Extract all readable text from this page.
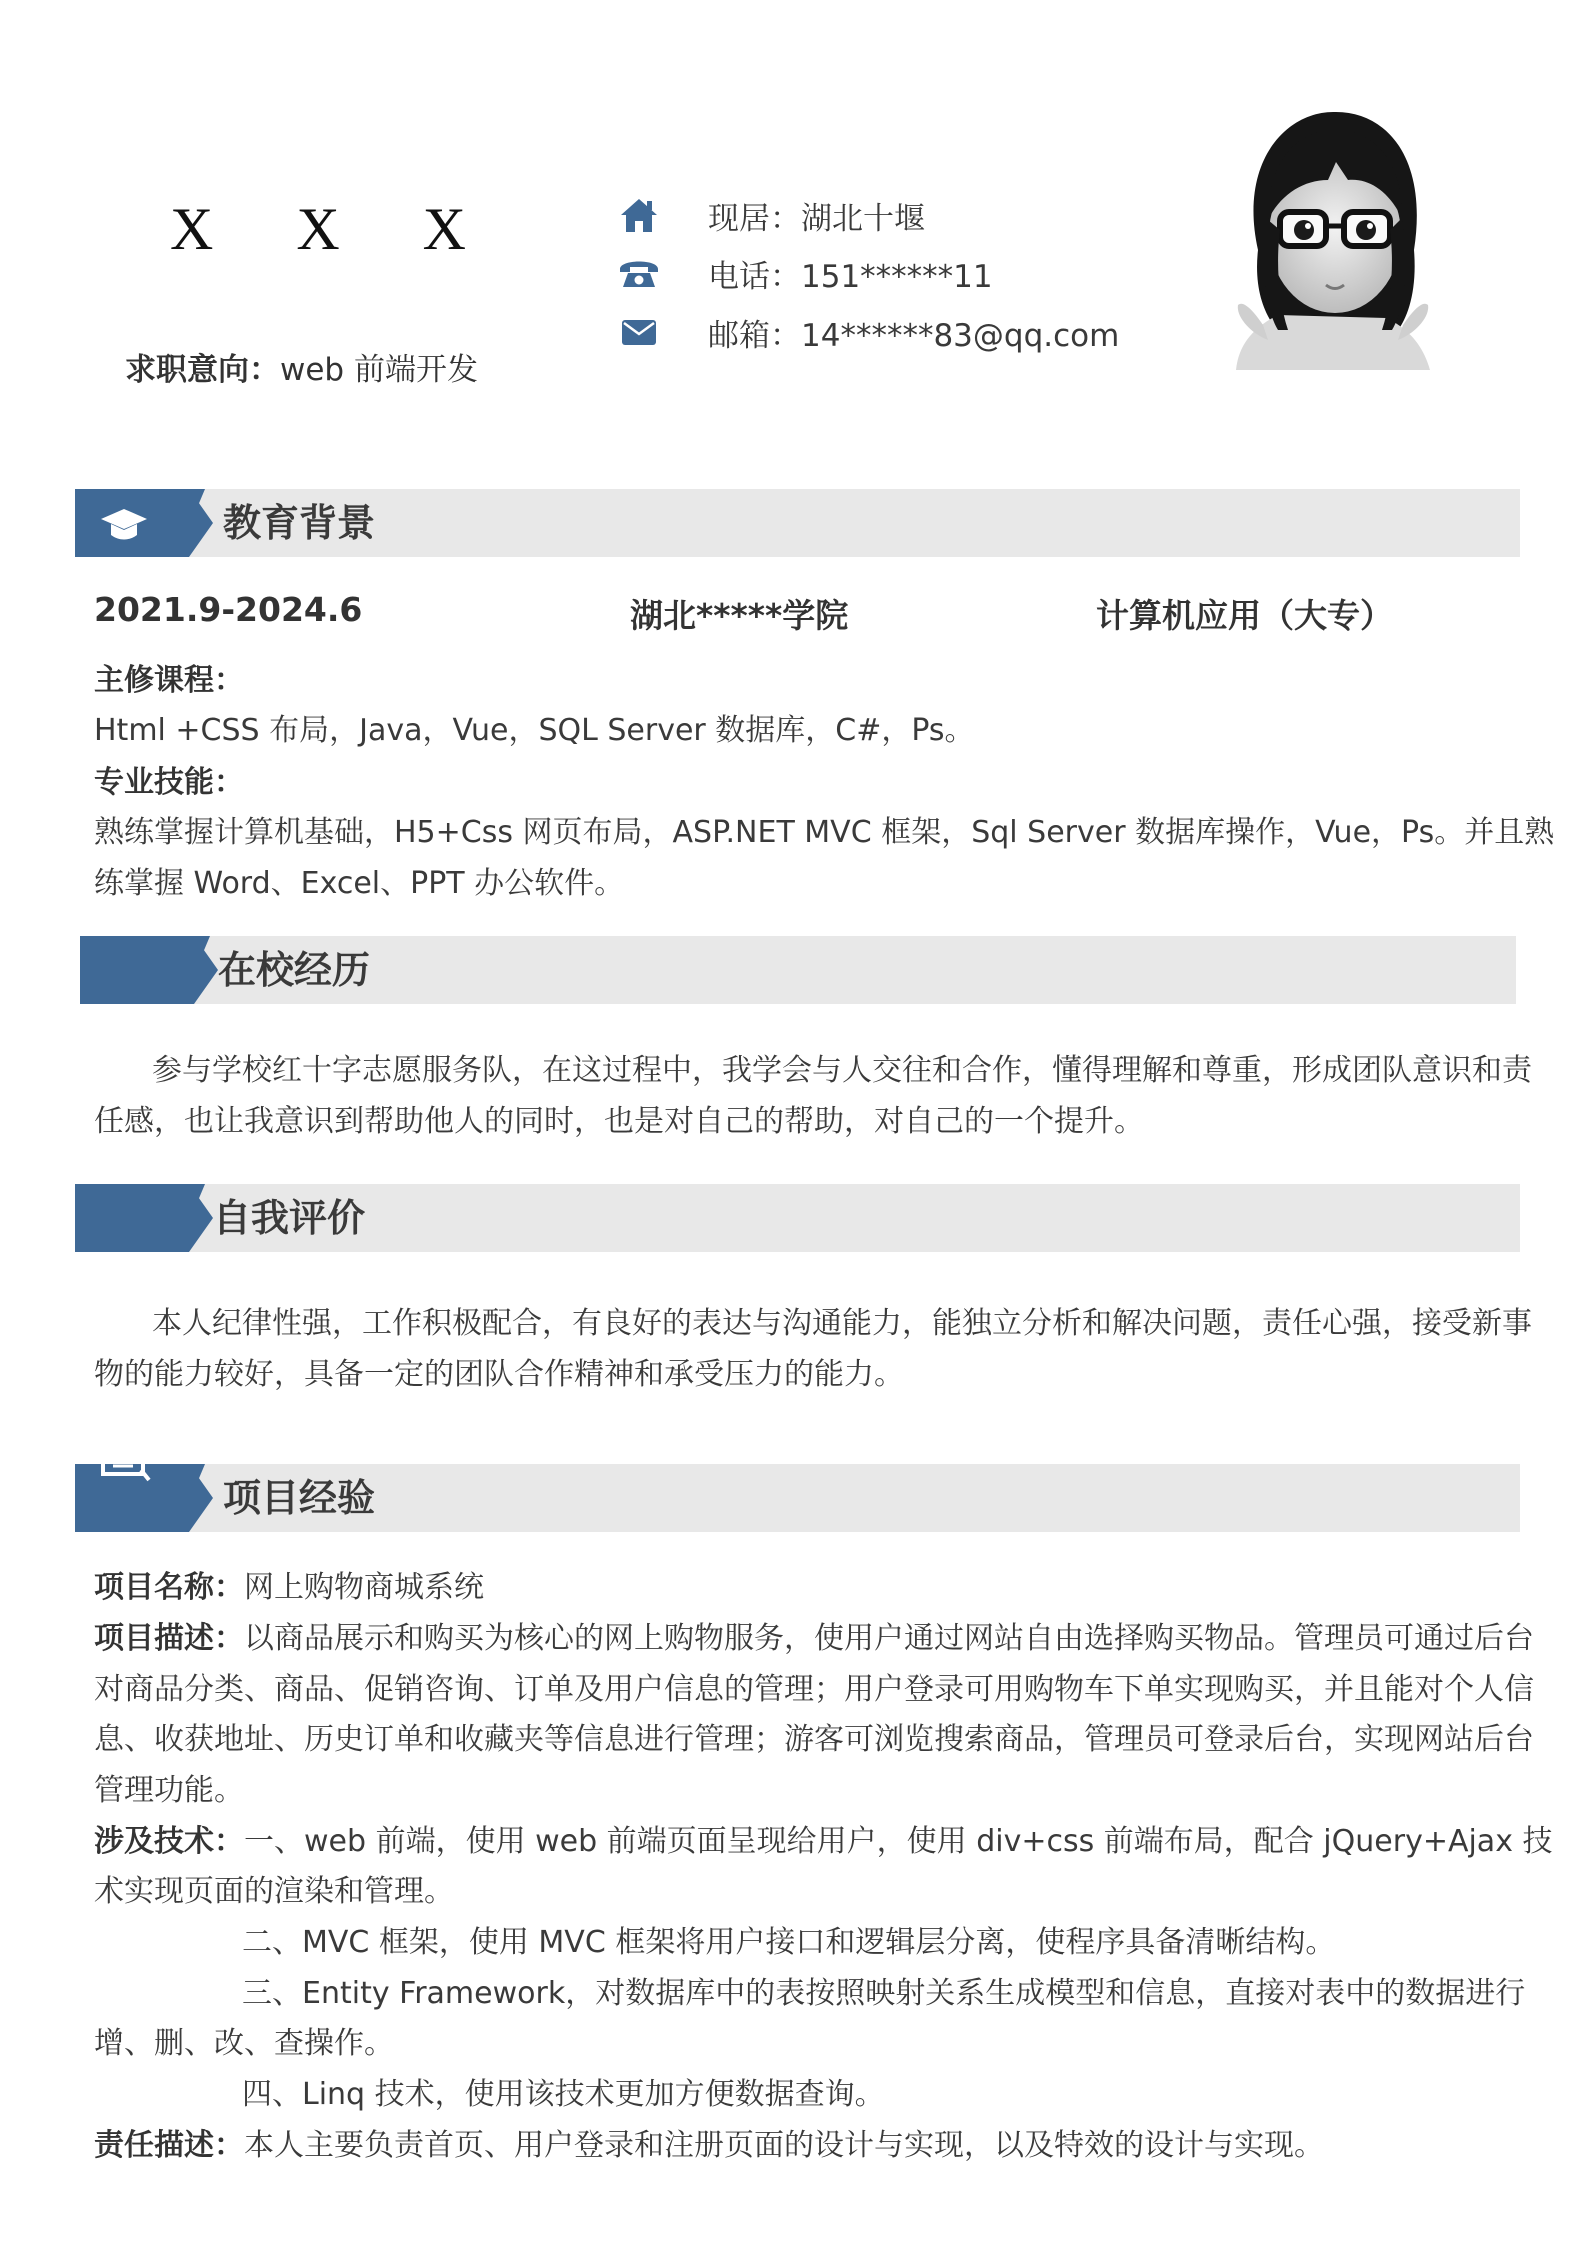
X X X
求职意向：web 前端开发
现居：湖北十堰
电话：151******11
邮箱：14******83@qq.com
教育背景
2021.9-2024.6	湖北*****学院	计算机应用（大专）
主修课程：
Html +CSS 布局，Java，Vue，SQL Server 数据库，C#，Ps。
专业技能：
熟练掌握计算机基础，H5+Css 网页布局，ASP.NET MVC 框架，Sql Server 数据库操作，Vue，Ps。并且熟
练掌握 Word、Excel、PPT 办公软件。
在校经历
参与学校红十字志愿服务队，在这过程中，我学会与人交往和合作，懂得理解和尊重，形成团队意识和责
任感，也让我意识到帮助他人的同时，也是对自己的帮助，对自己的一个提升。
自我评价
本人纪律性强，工作积极配合，有良好的表达与沟通能力，能独立分析和解决问题，责任心强，接受新事
物的能力较好，具备一定的团队合作精神和承受压力的能力。
项目经验
项目名称：网上购物商城系统
项目描述：以商品展示和购买为核心的网上购物服务，使用户通过网站自由选择购买物品。管理员可通过后台
对商品分类、商品、促销咨询、订单及用户信息的管理；用户登录可用购物车下单实现购买，并且能对个人信
息、收获地址、历史订单和收藏夹等信息进行管理；游客可浏览搜索商品，管理员可登录后台，实现网站后台
管理功能。
涉及技术：一、web 前端，使用 web 前端页面呈现给用户，使用 div+css 前端布局，配合 jQuery+Ajax 技
术实现页面的渲染和管理。
二、MVC 框架，使用 MVC 框架将用户接口和逻辑层分离，使程序具备清晰结构。
三、Entity Framework，对数据库中的表按照映射关系生成模型和信息，直接对表中的数据进行
增、删、改、查操作。
四、Linq 技术，使用该技术更加方便数据查询。
责任描述：本人主要负责首页、用户登录和注册页面的设计与实现，以及特效的设计与实现。
